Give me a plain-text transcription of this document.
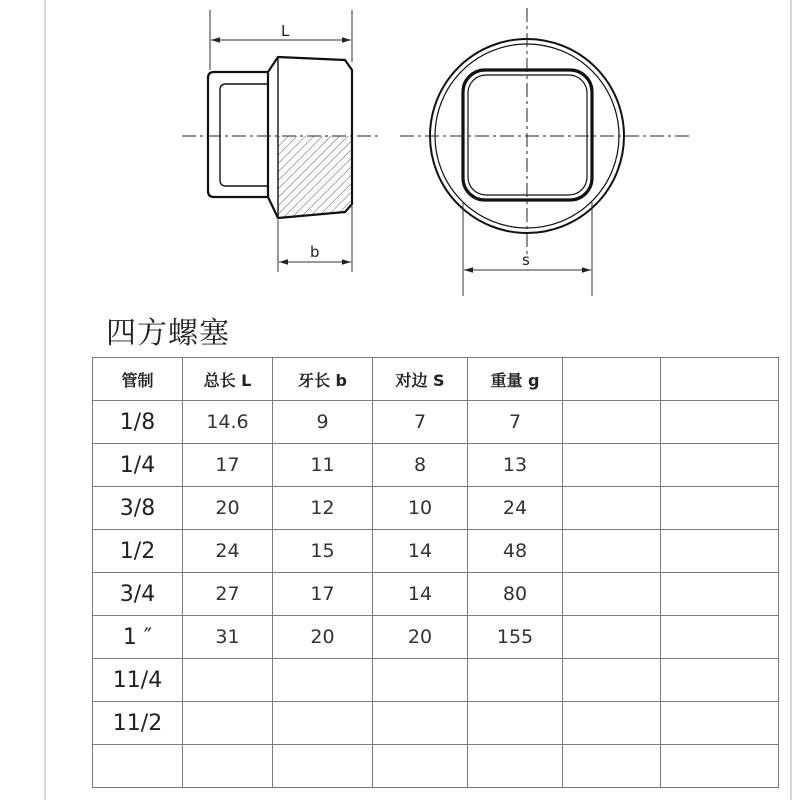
L
b	s
四方螺塞
管制	总长 L	牙长 b	对边 S	重量 g		
1/8	14.6	9	7	7		
1/4	17	11	8	13		
3/8	20	12	10	24		
1/2	24	15	14	48		
3/4	27	17	14	80		
1 ″	31	20	20	155		
11/4						
11/2						
